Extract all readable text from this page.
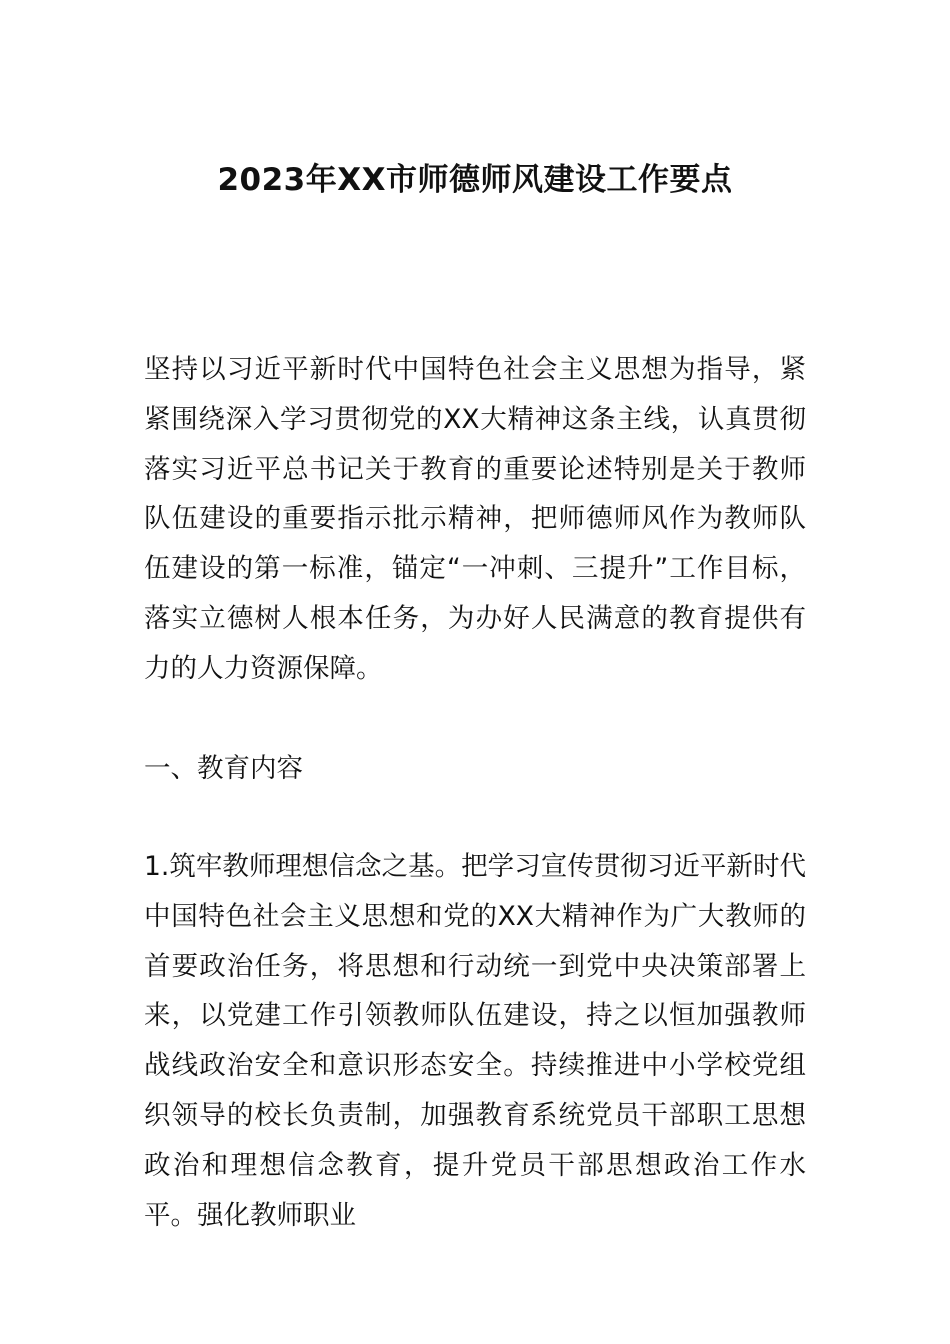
2023年XX市师德师风建设工作要点

坚持以习近平新时代中国特色社会主义思想为指导，紧紧围绕深入学习贯彻党的XX大精神这条主线，认真贯彻落实习近平总书记关于教育的重要论述特别是关于教师队伍建设的重要指示批示精神，把师德师风作为教师队伍建设的第一标准，锚定“一冲刺、三提升”工作目标，落实立德树人根本任务，为办好人民满意的教育提供有力的人力资源保障。

一、教育内容

1.筑牢教师理想信念之基。把学习宣传贯彻习近平新时代中国特色社会主义思想和党的XX大精神作为广大教师的首要政治任务，将思想和行动统一到党中央决策部署上来，以党建工作引领教师队伍建设，持之以恒加强教师战线政治安全和意识形态安全。持续推进中小学校党组织领导的校长负责制，加强教育系统党员干部职工思想政治和理想信念教育，提升党员干部思想政治工作水平。强化教师职业
